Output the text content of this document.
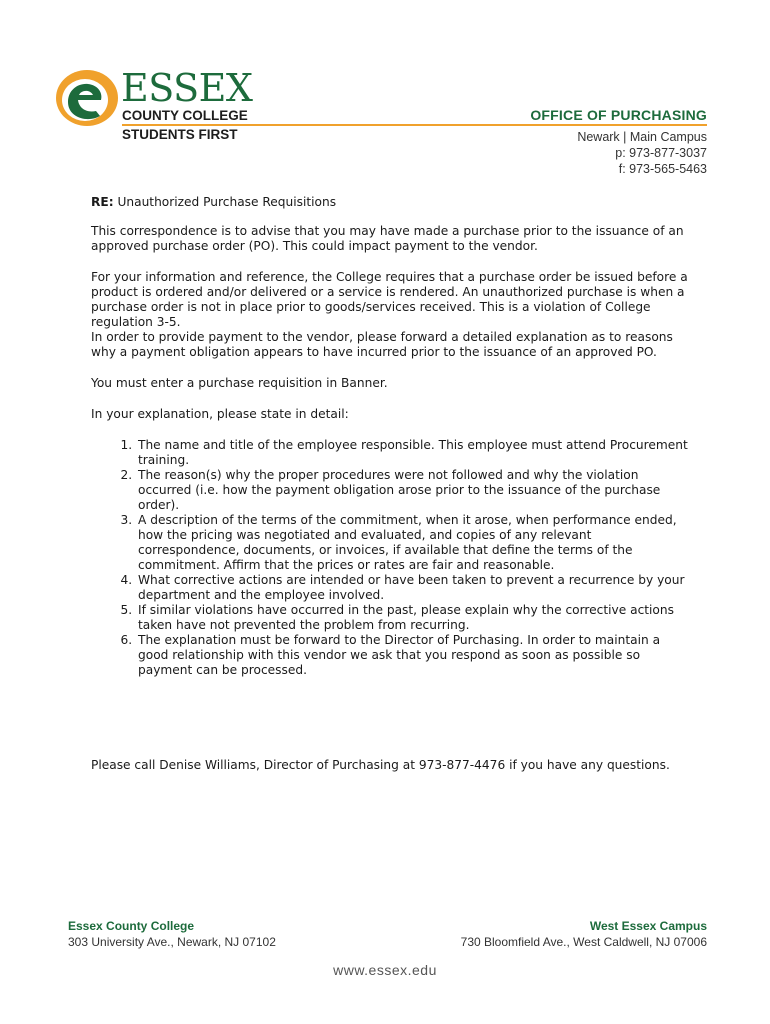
ESSEX
COUNTY COLLEGE
STUDENTS FIRST
OFFICE OF PURCHASING
Newark | Main Campus
p: 973-877-3037
f: 973-565-5463

RE: Unauthorized Purchase Requisitions

This correspondence is to advise that you may have made a purchase prior to the issuance of an approved purchase order (PO). This could impact payment to the vendor.

For your information and reference, the College requires that a purchase order be issued before a product is ordered and/or delivered or a service is rendered. An unauthorized purchase is when a purchase order is not in place prior to goods/services received. This is a violation of College regulation 3-5.

In order to provide payment to the vendor, please forward a detailed explanation as to reasons why a payment obligation appears to have incurred prior to the issuance of an approved PO.

You must enter a purchase requisition in Banner.

In your explanation, please state in detail:

1. The name and title of the employee responsible. This employee must attend Procurement training.
2. The reason(s) why the proper procedures were not followed and why the violation occurred (i.e. how the payment obligation arose prior to the issuance of the purchase order).
3. A description of the terms of the commitment, when it arose, when performance ended, how the pricing was negotiated and evaluated, and copies of any relevant correspondence, documents, or invoices, if available that define the terms of the commitment. Affirm that the prices or rates are fair and reasonable.
4. What corrective actions are intended or have been taken to prevent a recurrence by your department and the employee involved.
5. If similar violations have occurred in the past, please explain why the corrective actions taken have not prevented the problem from recurring.
6. The explanation must be forward to the Director of Purchasing. In order to maintain a good relationship with this vendor we ask that you respond as soon as possible so payment can be processed.

Please call Denise Williams, Director of Purchasing at 973-877-4476 if you have any questions.

Essex County College
303 University Ave., Newark, NJ 07102
West Essex Campus
730 Bloomfield Ave., West Caldwell, NJ 07006
www.essex.edu
